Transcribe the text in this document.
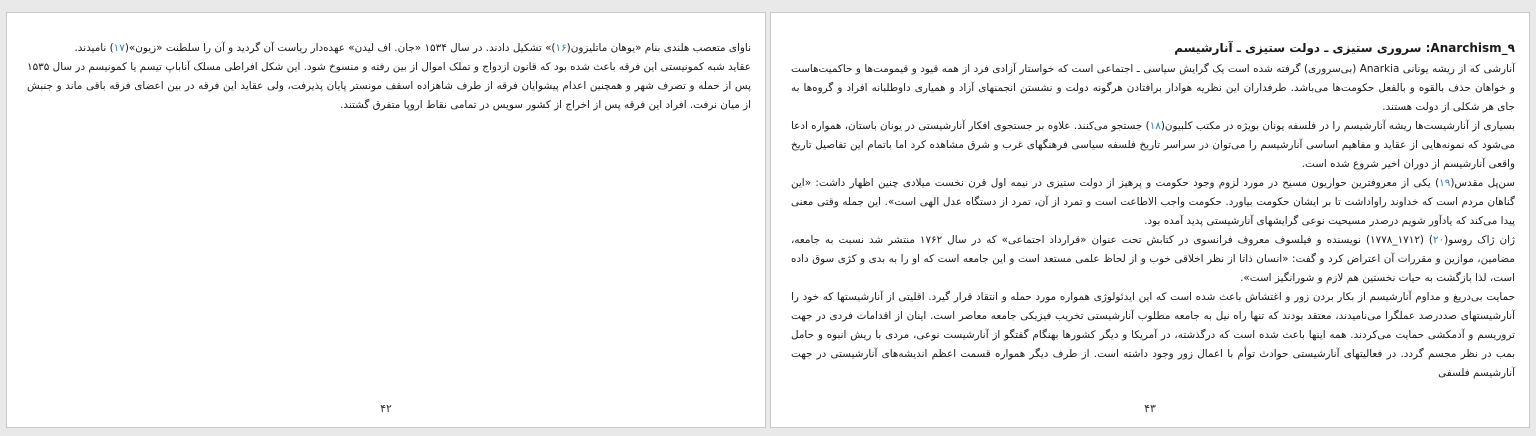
ناوای متعصب هلندی بنام «یوهان ماتلیزون(۱۶)» تشکیل دادند. در سال ۱۵۳۴ «جان. اف لیدن» عهده‌دار ریاست آن گردید و آن را سلطنت «زیون»(۱۷) نامیدند.

عقاید شبه کمونیستی این فرقه باعث شده بود که قانون ازدواج و تملک اموال از بین رفته و منسوخ شود. این شکل افراطی مسلک آناباپ تیسم یا کمونیسم در سال ۱۵۳۵ پس از حمله و تصرف شهر و همچنین اعدام پیشوایان فرقه از طرف شاهزاده اسقف مونستر پایان پذیرفت، ولی عقاید این فرقه در بین اعضای فرقه باقی ماند و جنبش از میان نرفت. افراد این فرقه پس از اخراج از کشور سویس در تمامی نقاط اروپا متفرق گشتند.

۴۲
۹_Anarchism: سروری ستیزی ـ دولت ستیزی ـ آنارشیسم

آنارشی که از ریشه یونانی Anarkia (بی‌سروری) گرفته شده است یک گرایش سیاسی ـ اجتماعی است که خواستار آزادی فرد از همه قیود و قیمومت‌ها و حاکمیت‌هاست و خواهان حذف بالقوه و بالفعل حکومت‌ها می‌باشد. طرفداران این نظریه هوادار برافتادن هرگونه دولت و نشستن انجمنهای آزاد و همیاری داوطلبانه افراد و گروه‌ها به جای هر شکلی از دولت هستند.

بسیاری از آنارشیست‌ها ریشه آنارشیسم را در فلسفه یونان بویژه در مکتب کلبیون(۱۸) جستجو می‌کنند. علاوه بر جستجوی افکار آنارشیستی در یونان باستان، همواره ادعا می‌شود که نمونه‌هایی از عقاید و مفاهیم اساسی آنارشیسم را می‌توان در سراسر تاریخ فلسفه سیاسی فرهنگهای غرب و شرق مشاهده کرد اما باتمام این تفاصیل تاریخ واقعی آنارشیسم از دوران اخیر شروع شده است.

سن‌پل مقدس(۱۹) یکی از معروفترین حواریون مسیح در مورد لزوم وجود حکومت و پرهیز از دولت ستیزی در نیمه اول قرن نخست میلادی چنین اظهار داشت: «این گناهان مردم است که خداوند راواداشت تا بر ایشان حکومت بیاورد. حکومت واجب الاطاعت است و تمرد از آن، تمرد از دستگاه عدل الهی است». این جمله وقتی معنی پیدا می‌کند که یادآور شویم درصدر مسیحیت نوعی گرایشهای آنارشیستی پدید آمده بود.

ژان ژاک روسو(۲۰) (۱۷۱۲_۱۷۷۸) نویسنده و فیلسوف معروف فرانسوی در کتابش تحت عنوان «قرارداد اجتماعی» که در سال ۱۷۶۲ منتشر شد نسبت به جامعه، مضامین، موازین و مقررات آن اعتراض کرد و گفت: «انسان ذاتا از نظر اخلاقی خوب و از لحاظ علمی مستعد است و این جامعه است که او را به بدی و کژی سوق داده است، لذا بازگشت به حیات نخستین هم لازم و شورانگیز است».

حمایت بی‌دریغ و مداوم آنارشیسم از بکار بردن زور و اغتشاش باعث شده است که این ایدئولوژی همواره مورد حمله و انتقاد قرار گیرد. اقلیتی از آنارشیستها که خود را آنارشیستهای صددرصد عملگرا می‌نامیدند، معتقد بودند که تنها راه نیل به جامعه مطلوب آنارشیستی تخریب فیزیکی جامعه معاصر است. اینان از اقدامات فردی در جهت تروریسم و آدمکشی حمایت می‌کردند. همه اینها باعث شده است که درگذشته، در آمریکا و دیگر کشورها بهنگام گفتگو از آنارشیست نوعی، مردی با ریش انبوه و حامل بمب در نظر مجسم گردد. در فعالیتهای آنارشیستی حوادث توأم با اعمال زور وجود داشته است. از طرف دیگر همواره قسمت اعظم اندیشه‌های آنارشیستی در جهت آنارشیسم فلسفی

۴۳
